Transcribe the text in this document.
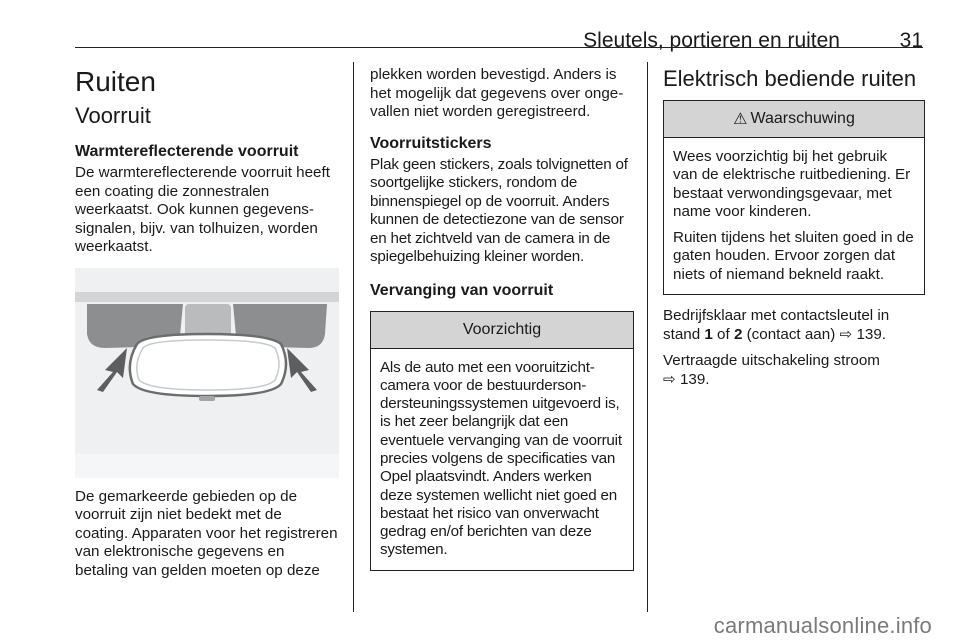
Sleutels, portieren en ruiten	31
Ruiten
Voorruit
Warmtereflecterende voorruit

De warmtereflecterende voorruit heeft een coating die zonnestralen weerkaatst. Ook kunnen gegevenssignalen, bijv. van tolhuizen, worden weerkaatst.

De gemarkeerde gebieden op de voorruit zijn niet bedekt met de coating. Apparaten voor het registreren van elektronische gegevens en betaling van gelden moeten op deze

plekken worden bevestigd. Anders is het mogelijk dat gegevens over ongevallen niet worden geregistreerd.

Voorruitstickers

Plak geen stickers, zoals tolvignetten of soortgelijke stickers, rondom de binnenspiegel op de voorruit. Anders kunnen de detectiezone van de sensor en het zichtveld van de camera in de spiegelbehuizing kleiner worden.

Vervanging van voorruit
Voorzichtig

Als de auto met een vooruitzichtcamera voor de bestuurdersondersteuningssystemen uitgevoerd is, is het zeer belangrijk dat een eventuele vervanging van de voorruit precies volgens de specificaties van Opel plaatsvindt. Anders werken deze systemen wellicht niet goed en bestaat het risico van onverwacht gedrag en/of berichten van deze systemen.

Elektrisch bediende ruiten
⚠ Waarschuwing

Wees voorzichtig bij het gebruik van de elektrische ruitbediening. Er bestaat verwondingsgevaar, met name voor kinderen.

Ruiten tijdens het sluiten goed in de gaten houden. Ervoor zorgen dat niets of niemand bekneld raakt.

Bedrijfsklaar met contactsleutel in stand 1 of 2 (contact aan) ⇨ 139.

Vertraagde uitschakeling stroom
⇨ 139.

carmanualsonline.info
